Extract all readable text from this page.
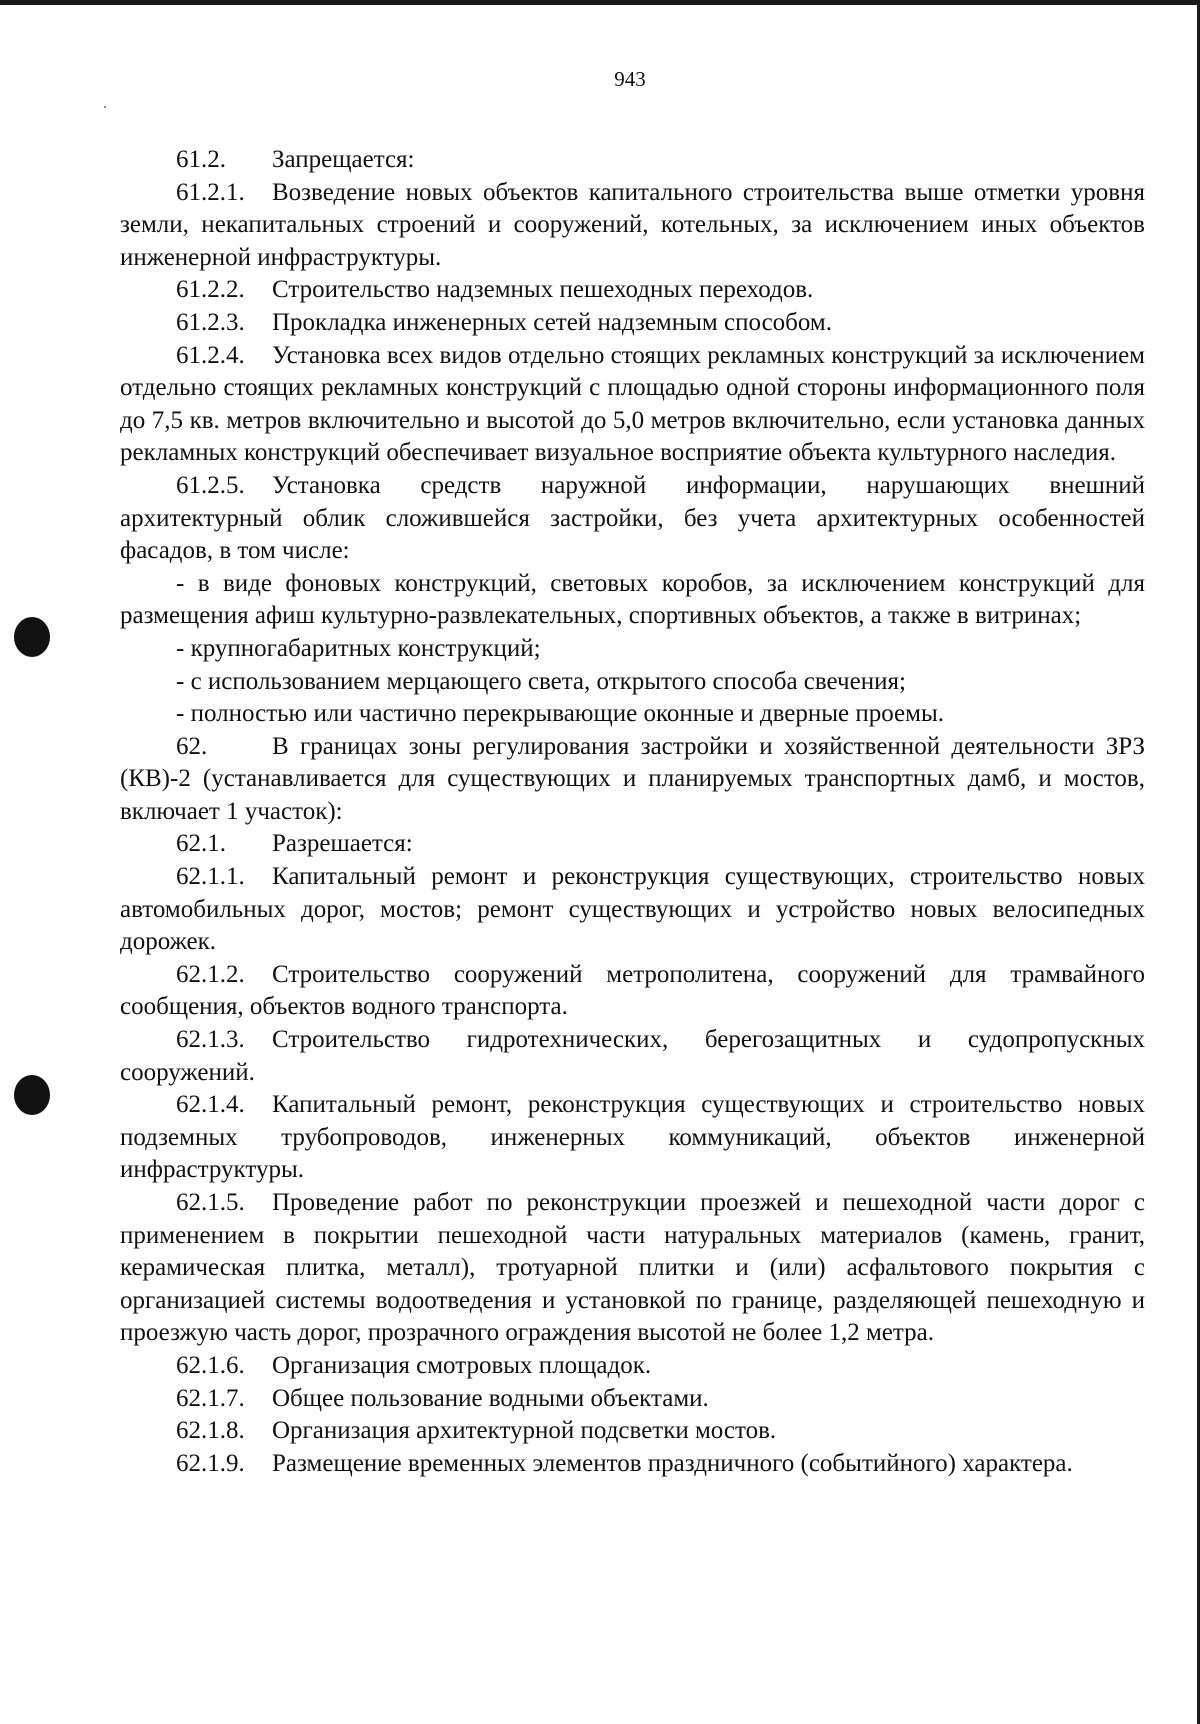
943

61.2. Запрещается:

61.2.1. Возведение новых объектов капитального строительства выше отметки уровня земли, некапитальных строений и сооружений, котельных, за исключением иных объектов инженерной инфраструктуры.

61.2.2. Строительство надземных пешеходных переходов.

61.2.3. Прокладка инженерных сетей надземным способом.

61.2.4. Установка всех видов отдельно стоящих рекламных конструкций за исключением отдельно стоящих рекламных конструкций с площадью одной стороны информационного поля до 7,5 кв. метров включительно и высотой до 5,0 метров включительно, если установка данных рекламных конструкций обеспечивает визуальное восприятие объекта культурного наследия.

61.2.5. Установка средств наружной информации, нарушающих внешний архитектурный облик сложившейся застройки, без учета архитектурных особенностей фасадов, в том числе:

- в виде фоновых конструкций, световых коробов, за исключением конструкций для размещения афиш культурно-развлекательных, спортивных объектов, а также в витринах;

- крупногабаритных конструкций;

- с использованием мерцающего света, открытого способа свечения;

- полностью или частично перекрывающие оконные и дверные проемы.

62.	В границах зоны регулирования застройки и хозяйственной деятельности ЗРЗ (КВ)-2 (устанавливается для существующих и планируемых транспортных дамб, и мостов, включает 1 участок):

62.1. Разрешается:

62.1.1. Капитальный ремонт и реконструкция существующих, строительство новых автомобильных дорог, мостов; ремонт существующих и устройство новых велосипедных дорожек.

62.1.2. Строительство сооружений метрополитена, сооружений для трамвайного сообщения, объектов водного транспорта.

62.1.3. Строительство гидротехнических, берегозащитных и судопропускных сооружений.

62.1.4. Капитальный ремонт, реконструкция существующих и строительство новых подземных трубопроводов, инженерных коммуникаций, объектов инженерной инфраструктуры.

62.1.5. Проведение работ по реконструкции проезжей и пешеходной части дорог с применением в покрытии пешеходной части натуральных материалов (камень, гранит, керамическая плитка, металл), тротуарной плитки и (или) асфальтового покрытия с организацией системы водоотведения и установкой по границе, разделяющей пешеходную и проезжую часть дорог, прозрачного ограждения высотой не более 1,2 метра.

62.1.6. Организация смотровых площадок.

62.1.7. Общее пользование водными объектами.

62.1.8. Организация архитектурной подсветки мостов.

62.1.9. Размещение временных элементов праздничного (событийного) характера.
